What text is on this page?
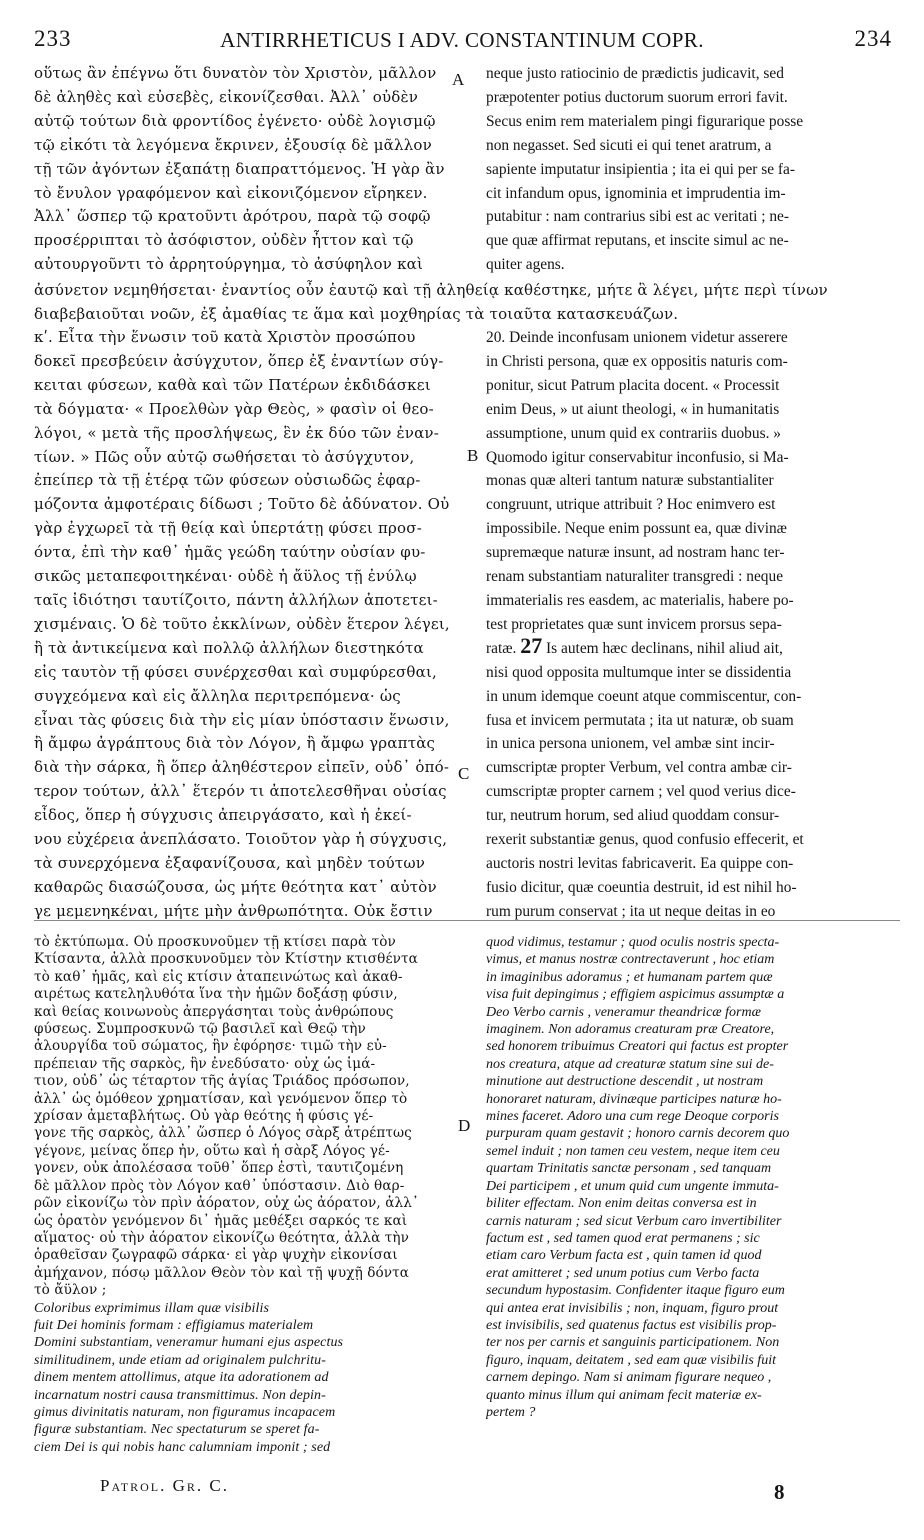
233	ANTIRRHETICUS I ADV. CONSTANTINUM COPR.	234
A
B
C
D

οὕτως ἂν ἐπέγνω ὅτι δυνατὸν τὸν Χριστὸν, μᾶλλον

δὲ ἀληθὲς καὶ εὐσεβὲς, εἰκονίζεσθαι. Ἀλλ᾽ οὐδὲν

αὐτῷ τούτων διὰ φροντίδος ἐγένετο· οὐδὲ λογισμῷ

τῷ εἰκότι τὰ λεγόμενα ἔκρινεν, ἐξουσίᾳ δὲ μᾶλλον

τῇ τῶν ἀγόντων ἐξαπάτῃ διαπραττόμενος. Ἡ γὰρ ἂν

τὸ ἔνυλον γραφόμενον καὶ εἰκονιζόμενον εἴρηκεν.

Ἀλλ᾽ ὥσπερ τῷ κρατοῦντι ἀρότρου, παρὰ τῷ σοφῷ

προσέρριπται τὸ ἀσόφιστον, οὐδὲν ἧττον καὶ τῷ

αὐτουργοῦντι τὸ ἀρρητούργημα, τὸ ἀσύφηλον καὶ

neque justo ratiocinio de prædictis judicavit, sed

præpotenter potius ductorum suorum errori favit.

Secus enim rem materialem pingi figurarique posse

non negasset. Sed sicuti ei qui tenet aratrum, a

sapiente imputatur insipientia ; ita ei qui per se fa-

cit infandum opus, ignominia et imprudentia im-

putabitur : nam contrarius sibi est ac veritati ; ne-

que quæ affirmat reputans, et inscite simul ac ne-

quiter agens.

ἀσύνετον νεμηθήσεται· ἐναντίος οὖν ἑαυτῷ καὶ τῇ ἀληθείᾳ καθέστηκε, μήτε ἃ λέγει, μήτε περὶ τίνων

διαβεβαιοῦται νοῶν, ἐξ ἀμαθίας τε ἅμα καὶ μοχθηρίας τὰ τοιαῦτα κατασκευάζων.

κʹ. Εἶτα τὴν ἕνωσιν τοῦ κατὰ Χριστὸν προσώπου

δοκεῖ πρεσβεύειν ἀσύγχυτον, ὅπερ ἐξ ἐναντίων σύγ-

κειται φύσεων, καθὰ καὶ τῶν Πατέρων ἐκδιδάσκει

τὰ δόγματα· « Προελθὼν γὰρ Θεὸς, » φασὶν οἱ θεο-

λόγοι, « μετὰ τῆς προσλήψεως, ἓν ἐκ δύο τῶν ἐναν-

τίων. » Πῶς οὖν αὐτῷ σωθήσεται τὸ ἀσύγχυτον,

ἐπείπερ τὰ τῇ ἑτέρᾳ τῶν φύσεων οὐσιωδῶς ἐφαρ-

μόζοντα ἀμφοτέραις δίδωσι ; Τοῦτο δὲ ἀδύνατον. Οὐ

γὰρ ἐγχωρεῖ τὰ τῇ θείᾳ καὶ ὑπερτάτῃ φύσει προσ-

όντα, ἐπὶ τὴν καθ᾽ ἡμᾶς γεώδη ταύτην οὐσίαν φυ-

σικῶς μεταπεφοιτηκέναι· οὐδὲ ἡ ἄϋλος τῇ ἐνύλῳ

ταῖς ἰδιότησι ταυτίζοιτο, πάντη ἀλλήλων ἀποτετει-

χισμέναις. Ὁ δὲ τοῦτο ἐκκλίνων, οὐδὲν ἕτερον λέγει,

ἢ τὰ ἀντικείμενα καὶ πολλῷ ἀλλήλων διεστηκότα

εἰς ταυτὸν τῇ φύσει συνέρχεσθαι καὶ συμφύρεσθαι,

συγχεόμενα καὶ εἰς ἄλληλα περιτρεπόμενα· ὡς

εἶναι τὰς φύσεις διὰ τὴν εἰς μίαν ὑπόστασιν ἕνωσιν,

ἢ ἄμφω ἀγράπτους διὰ τὸν Λόγον, ἢ ἄμφω γραπτὰς

διὰ τὴν σάρκα, ἢ ὅπερ ἀληθέστερον εἰπεῖν, οὐδ᾽ ὁπό-

τερον τούτων, ἀλλ᾽ ἕτερόν τι ἀποτελεσθῆναι οὐσίας

εἶδος, ὅπερ ἡ σύγχυσις ἀπειργάσατο, καὶ ἡ ἐκεί-

νου εὐχέρεια ἀνεπλάσατο. Τοιοῦτον γὰρ ἡ σύγχυσις,

τὰ συνερχόμενα ἐξαφανίζουσα, καὶ μηδὲν τούτων

καθαρῶς διασώζουσα, ὡς μήτε θεότητα κατ᾽ αὐτὸν

γε μεμενηκέναι, μήτε μὴν ἀνθρωπότητα. Οὐκ ἔστιν

20. Deinde inconfusam unionem videtur asserere

in Christi persona, quæ ex oppositis naturis com-

ponitur, sicut Patrum placita docent. « Processit

enim Deus, » ut aiunt theologi, « in humanitatis

assumptione, unum quid ex contrariis duobus. »

Quomodo igitur conservabitur inconfusio, si Ma-

monas quæ alteri tantum naturæ substantialiter

congruunt, utrique attribuit ? Hoc enimvero est

impossibile. Neque enim possunt ea, quæ divinæ

supremæque naturæ insunt, ad nostram hanc ter-

renam substantiam naturaliter transgredi : neque

immaterialis res easdem, ac materialis, habere po-

test proprietates quæ sunt invicem prorsus sepa-

ratæ. 27 Is autem hæc declinans, nihil aliud ait,

nisi quod opposita multumque inter se dissidentia

in unum idemque coeunt atque commiscentur, con-

fusa et invicem permutata ; ita ut naturæ, ob suam

in unica persona unionem, vel ambæ sint incir-

cumscriptæ propter Verbum, vel contra ambæ cir-

cumscriptæ propter carnem ; vel quod verius dice-

tur, neutrum horum, sed aliud quoddam consur-

rexerit substantiæ genus, quod confusio effecerit, et

auctoris nostri levitas fabricaverit. Ea quippe con-

fusio dicitur, quæ coeuntia destruit, id est nihil ho-

rum purum conservat ; ita ut neque deitas in eo

τὸ ἐκτύπωμα. Οὐ προσκυνοῦμεν τῇ κτίσει παρὰ τὸν

Κτίσαντα, ἀλλὰ προσκυνοῦμεν τὸν Κτίστην κτισθέντα

τὸ καθ᾽ ἡμᾶς, καὶ εἰς κτίσιν ἀταπεινώτως καὶ ἀκαθ-

αιρέτως κατεληλυθότα ἵνα τὴν ἡμῶν δοξάσῃ φύσιν,

καὶ θείας κοινωνοὺς ἀπεργάσηται τοὺς ἀνθρώπους

φύσεως. Συμπροσκυνῶ τῷ βασιλεῖ καὶ Θεῷ τὴν

ἁλουργίδα τοῦ σώματος, ἣν ἐφόρησε· τιμῶ τὴν εὐ-

πρέπειαν τῆς σαρκὸς, ἣν ἐνεδύσατο· οὐχ ὡς ἱμά-

τιον, οὐδ᾽ ὡς τέταρτον τῆς ἁγίας Τριάδος πρόσωπον,

ἀλλ᾽ ὡς ὁμόθεον χρηματίσαν, καὶ γενόμενον ὅπερ τὸ

χρίσαν ἀμεταβλήτως. Οὐ γὰρ θεότης ἡ φύσις γέ-

γονε τῆς σαρκὸς, ἀλλ᾽ ὥσπερ ὁ Λόγος σὰρξ ἀτρέπτως

γέγονε, μείνας ὅπερ ἦν, οὕτω καὶ ἡ σὰρξ Λόγος γέ-

γονεν, οὐκ ἀπολέσασα τοῦθ᾽ ὅπερ ἐστὶ, ταυτιζομένη

δὲ μᾶλλον πρὸς τὸν Λόγον καθ᾽ ὑπόστασιν. Διὸ θαρ-

ρῶν εἰκονίζω τὸν πρὶν ἀόρατον, οὐχ ὡς ἀόρατον, ἀλλ᾽

ὡς ὁρατὸν γενόμενον δι᾽ ἡμᾶς μεθέξει σαρκός τε καὶ

αἵματος· οὐ τὴν ἀόρατον εἰκονίζω θεότητα, ἀλλὰ τὴν

ὁραθεῖσαν ζωγραφῶ σάρκα· εἰ γὰρ ψυχὴν εἰκονίσαι

ἀμήχανον, πόσῳ μᾶλλον Θεὸν τὸν καὶ τῇ ψυχῇ δόντα

τὸ ἄϋλον ;

Coloribus exprimimus illam quæ visibilis

fuit Dei hominis formam : effigiamus materialem

Domini substantiam, veneramur humani ejus aspectus

similitudinem, unde etiam ad originalem pulchritu-

dinem mentem attollimus, atque ita adorationem ad

incarnatum nostri causa transmittimus. Non depin-

gimus divinitatis naturam, non figuramus incapacem

figuræ substantiam. Nec spectaturum se speret fa-

ciem Dei is qui nobis hanc calumniam imponit ; sed

quod vidimus, testamur ; quod oculis nostris specta-

vimus, et manus nostræ contrectaverunt , hoc etiam

in imaginibus adoramus ; et humanam partem quæ

visa fuit depingimus ; effigiem aspicimus assumptæ a

Deo Verbo carnis , veneramur theandricæ formæ

imaginem. Non adoramus creaturam præ Creatore,

sed honorem tribuimus Creatori qui factus est propter

nos creatura, atque ad creaturæ statum sine sui de-

minutione aut destructione descendit , ut nostram

honoraret naturam, divinæque participes naturæ ho-

mines faceret. Adoro una cum rege Deoque corporis

purpuram quam gestavit ; honoro carnis decorem quo

semel induit ; non tamen ceu vestem, neque item ceu

quartam Trinitatis sanctæ personam , sed tanquam

Dei participem , et unum quid cum ungente immuta-

biliter effectam. Non enim deitas conversa est in

carnis naturam ; sed sicut Verbum caro invertibiliter

factum est , sed tamen quod erat permanens ; sic

etiam caro Verbum facta est , quin tamen id quod

erat amitteret ; sed unum potius cum Verbo facta

secundum hypostasim. Confidenter itaque figuro eum

qui antea erat invisibilis ; non, inquam, figuro prout

est invisibilis, sed quatenus factus est visibilis prop-

ter nos per carnis et sanguinis participationem. Non

figuro, inquam, deitatem , sed eam quæ visibilis fuit

carnem depingo. Nam si animam figurare nequeo ,

quanto minus illum qui animam fecit materiæ ex-

pertem ?

Patrol. Gr. C.	8
